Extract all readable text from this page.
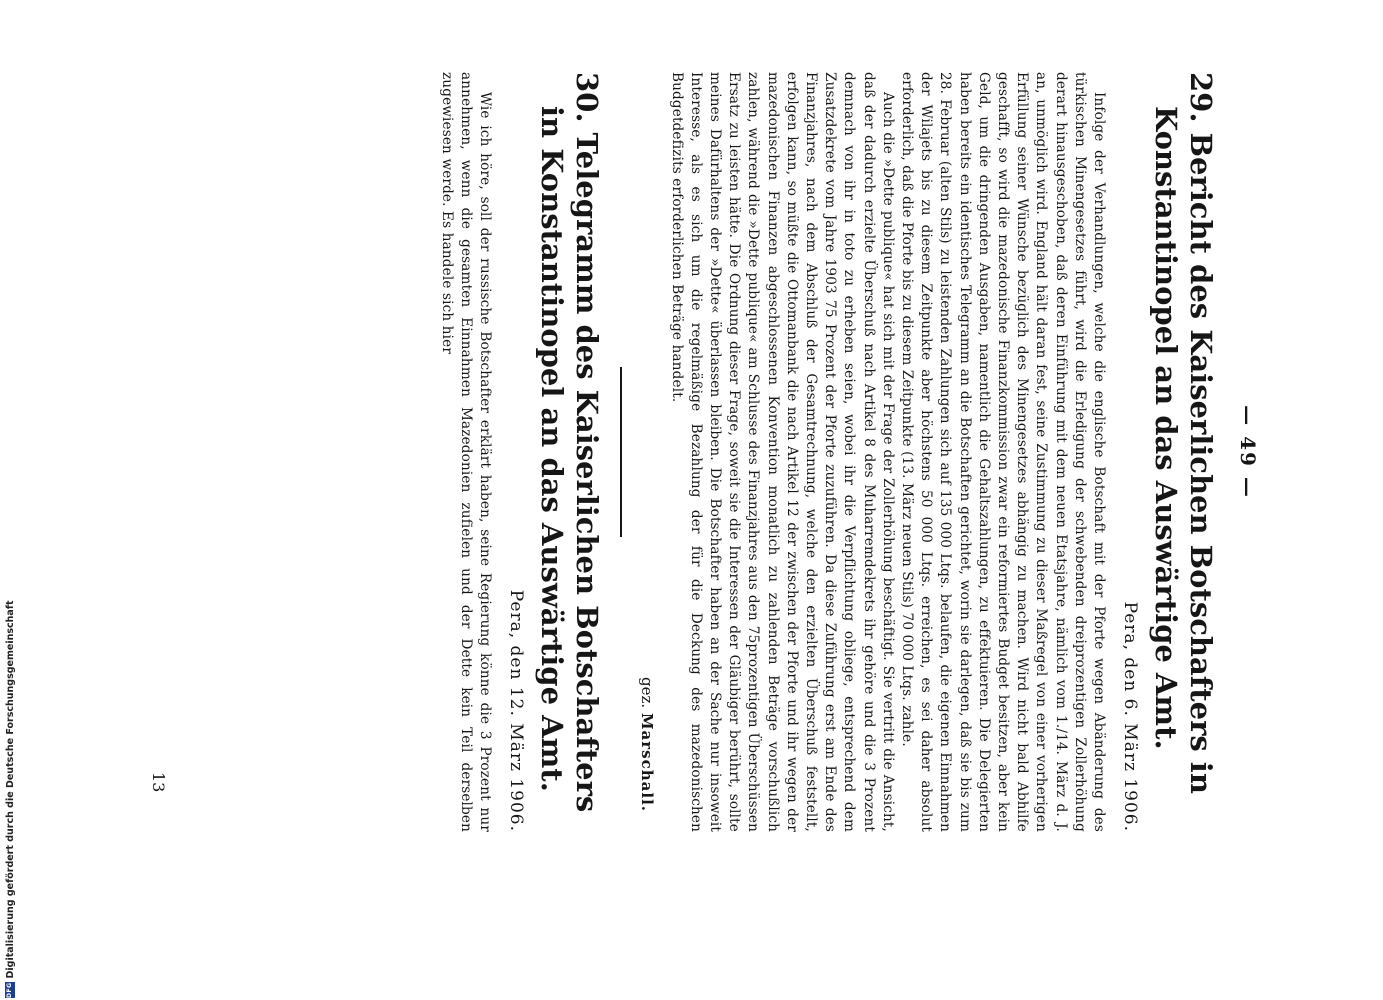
DFG
Digitalisierung gefördert durch die Deutsche Forschungsgemeinschaft
— 49 —
29. Bericht des Kaiserlichen Botschafters in Konstantinopel an das Auswärtige Amt.
Pera, den 6. März 1906.

Infolge der Verhandlungen, welche die englische Botschaft mit der Pforte wegen Abänderung des türkischen Minengesetzes führt, wird die Erledigung der schwebenden dreiprozentigen Zollerhöhung derart hinausgeschoben, daß deren Einführung mit dem neuen Etatsjahre, nämlich vom 1./14. März d. J. an, unmöglich wird. England hält daran fest, seine Zustimmung zu dieser Maßregel von einer vorherigen Erfüllung seiner Wünsche bezüglich des Minengesetzes abhängig zu machen. Wird nicht bald Abhilfe geschafft, so wird die mazedonische Finanzkommission zwar ein reformiertes Budget besitzen, aber kein Geld, um die dringenden Ausgaben, namentlich die Gehaltszahlungen, zu effektuieren. Die Delegierten haben bereits ein identisches Telegramm an die Botschaften gerichtet, worin sie darlegen, daß sie bis zum 28. Februar (alten Stils) zu leistenden Zahlungen sich auf 135 000 Ltqs. belaufen, die eigenen Einnahmen der Wilajets bis zu diesem Zeitpunkte aber höchstens 50 000 Ltqs. erreichen, es sei daher absolut erforderlich, daß die Pforte bis zu diesem Zeitpunkte (13. März neuen Stils) 70 000 Ltqs. zahle.

Auch die »Dette publique« hat sich mit der Frage der Zollerhöhung beschäftigt. Sie vertritt die Ansicht, daß der dadurch erzielte Überschuß nach Artikel 8 des Muharremdekrets ihr gehöre und die 3 Prozent demnach von ihr in toto zu erheben seien, wobei ihr die Verpflichtung obliege, entsprechend dem Zusatzdekrete vom Jahre 1903 75 Prozent der Pforte zuzuführen. Da diese Zuführung erst am Ende des Finanzjahres, nach dem Abschluß der Gesamtrechnung, welche den erzielten Überschuß feststellt, erfolgen kann, so müßte die Ottomanbank die nach Artikel 12 der zwischen der Pforte und ihr wegen der mazedonischen Finanzen abgeschlossenen Konvention monatlich zu zahlenden Beträge vorschußlich zahlen, während die »Dette publique« am Schlusse des Finanzjahres aus den 75prozentigen Überschüssen Ersatz zu leisten hätte. Die Ordnung dieser Frage, soweit sie die Interessen der Gläubiger berührt, sollte meines Dafürhaltens der »Dette« überlassen bleiben. Die Botschafter haben an der Sache nur insoweit Interesse, als es sich um die regelmäßige Bezahlung der für die Deckung des mazedonischen Budgetdefizits erforderlichen Beträge handelt.

gez. Marschall.
30. Telegramm des Kaiserlichen Botschafters in Konstantinopel an das Auswärtige Amt.
Pera, den 12. März 1906.

Wie ich höre, soll der russische Botschafter erklärt haben, seine Regierung könne die 3 Prozent nur annehmen, wenn die gesamten Einnahmen Mazedonien zufielen und der Dette kein Teil derselben zugewiesen werde. Es handele sich hier

13
